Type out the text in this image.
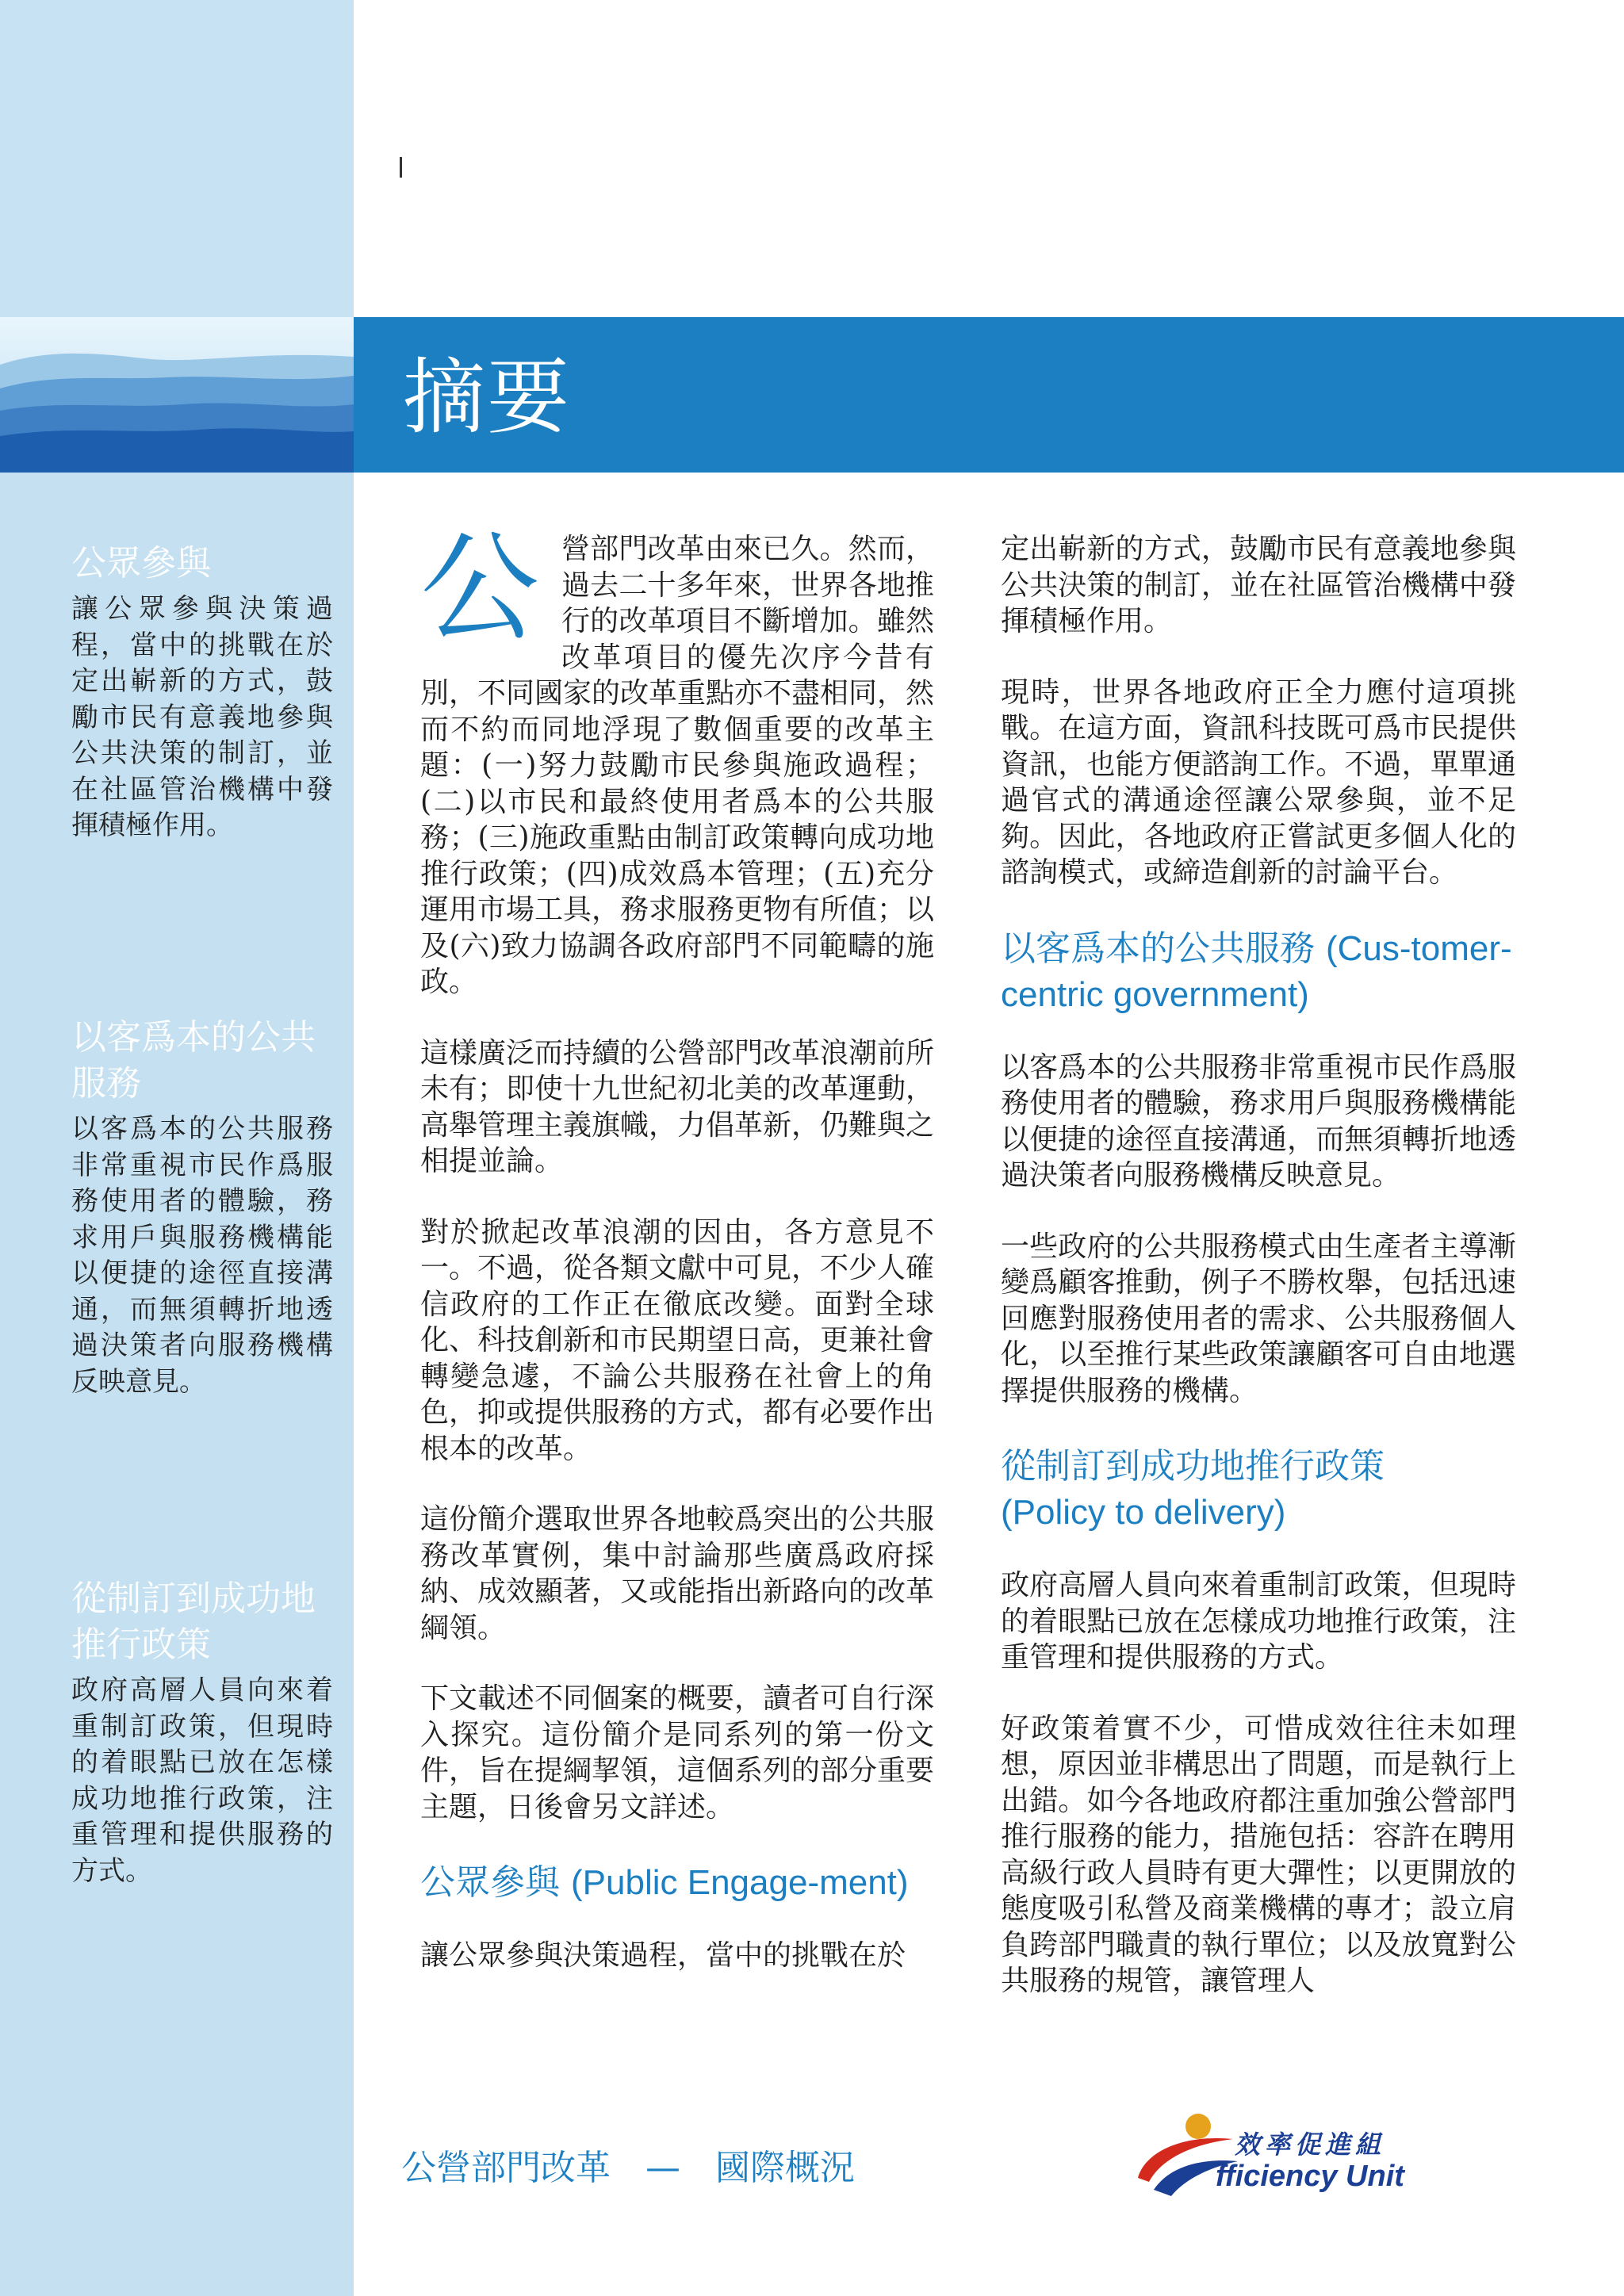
摘要
公眾參與

讓公眾參與決策過程，當中的挑戰在於定出嶄新的方式，鼓勵市民有意義地參與公共決策的制訂，並在社區管治機構中發揮積極作用。

以客爲本的公共服務

以客爲本的公共服務非常重視市民作爲服務使用者的體驗，務求用戶與服務機構能以便捷的途徑直接溝通，而無須轉折地透過決策者向服務機構反映意見。

從制訂到成功地推行政策

政府高層人員向來着重制訂政策，但現時的着眼點已放在怎樣成功地推行政策，注重管理和提供服務的方式。

公 營部門改革由來已久。然而，過去二十多年來，世界各地推行的改革項目不斷增加。雖然改革項目的優先次序今昔有別，不同國家的改革重點亦不盡相同，然而不約而同地浮現了數個重要的改革主題：(一)努力鼓勵市民參與施政過程；(二)以市民和最終使用者爲本的公共服務；(三)施政重點由制訂政策轉向成功地推行政策；(四)成效爲本管理；(五)充分運用市場工具，務求服務更物有所值；以及(六)致力協調各政府部門不同範疇的施政。

這樣廣泛而持續的公營部門改革浪潮前所未有；即使十九世紀初北美的改革運動，高舉管理主義旗幟，力倡革新，仍難與之相提並論。

對於掀起改革浪潮的因由，各方意見不一。不過，從各類文獻中可見，不少人確信政府的工作正在徹底改變。面對全球化、科技創新和市民期望日高，更兼社會轉變急遽，不論公共服務在社會上的角色，抑或提供服務的方式，都有必要作出根本的改革。

這份簡介選取世界各地較爲突出的公共服務改革實例，集中討論那些廣爲政府採納、成效顯著，又或能指出新路向的改革綱領。

下文載述不同個案的概要，讀者可自行深入探究。這份簡介是同系列的第一份文件，旨在提綱挈領，這個系列的部分重要主題，日後會另文詳述。

公眾參與 (Public Engage-ment)

讓公眾參與決策過程，當中的挑戰在於

定出嶄新的方式，鼓勵市民有意義地參與公共決策的制訂，並在社區管治機構中發揮積極作用。

現時，世界各地政府正全力應付這項挑戰。在這方面，資訊科技既可爲市民提供資訊，也能方便諮詢工作。不過，單單通過官式的溝通途徑讓公眾參與，並不足夠。因此，各地政府正嘗試更多個人化的諮詢模式，或締造創新的討論平台。

以客爲本的公共服務 (Cus-tomer-centric government)

以客爲本的公共服務非常重視市民作爲服務使用者的體驗，務求用戶與服務機構能以便捷的途徑直接溝通，而無須轉折地透過決策者向服務機構反映意見。

一些政府的公共服務模式由生產者主導漸變爲顧客推動，例子不勝枚舉，包括迅速回應對服務使用者的需求、公共服務個人化，以至推行某些政策讓顧客可自由地選擇提供服務的機構。

從制訂到成功地推行政策
(Policy to delivery)

政府高層人員向來着重制訂政策，但現時的着眼點已放在怎樣成功地推行政策，注重管理和提供服務的方式。

好政策着實不少，可惜成效往往未如理想，原因並非構思出了問題，而是執行上出錯。如今各地政府都注重加強公營部門推行服務的能力，措施包括：容許在聘用高級行政人員時有更大彈性；以更開放的態度吸引私營及商業機構的專才；設立肩負跨部門職責的執行單位；以及放寬對公共服務的規管，讓管理人

公營部門改革　—　國際概況
效率促進組
fficiency Unit
